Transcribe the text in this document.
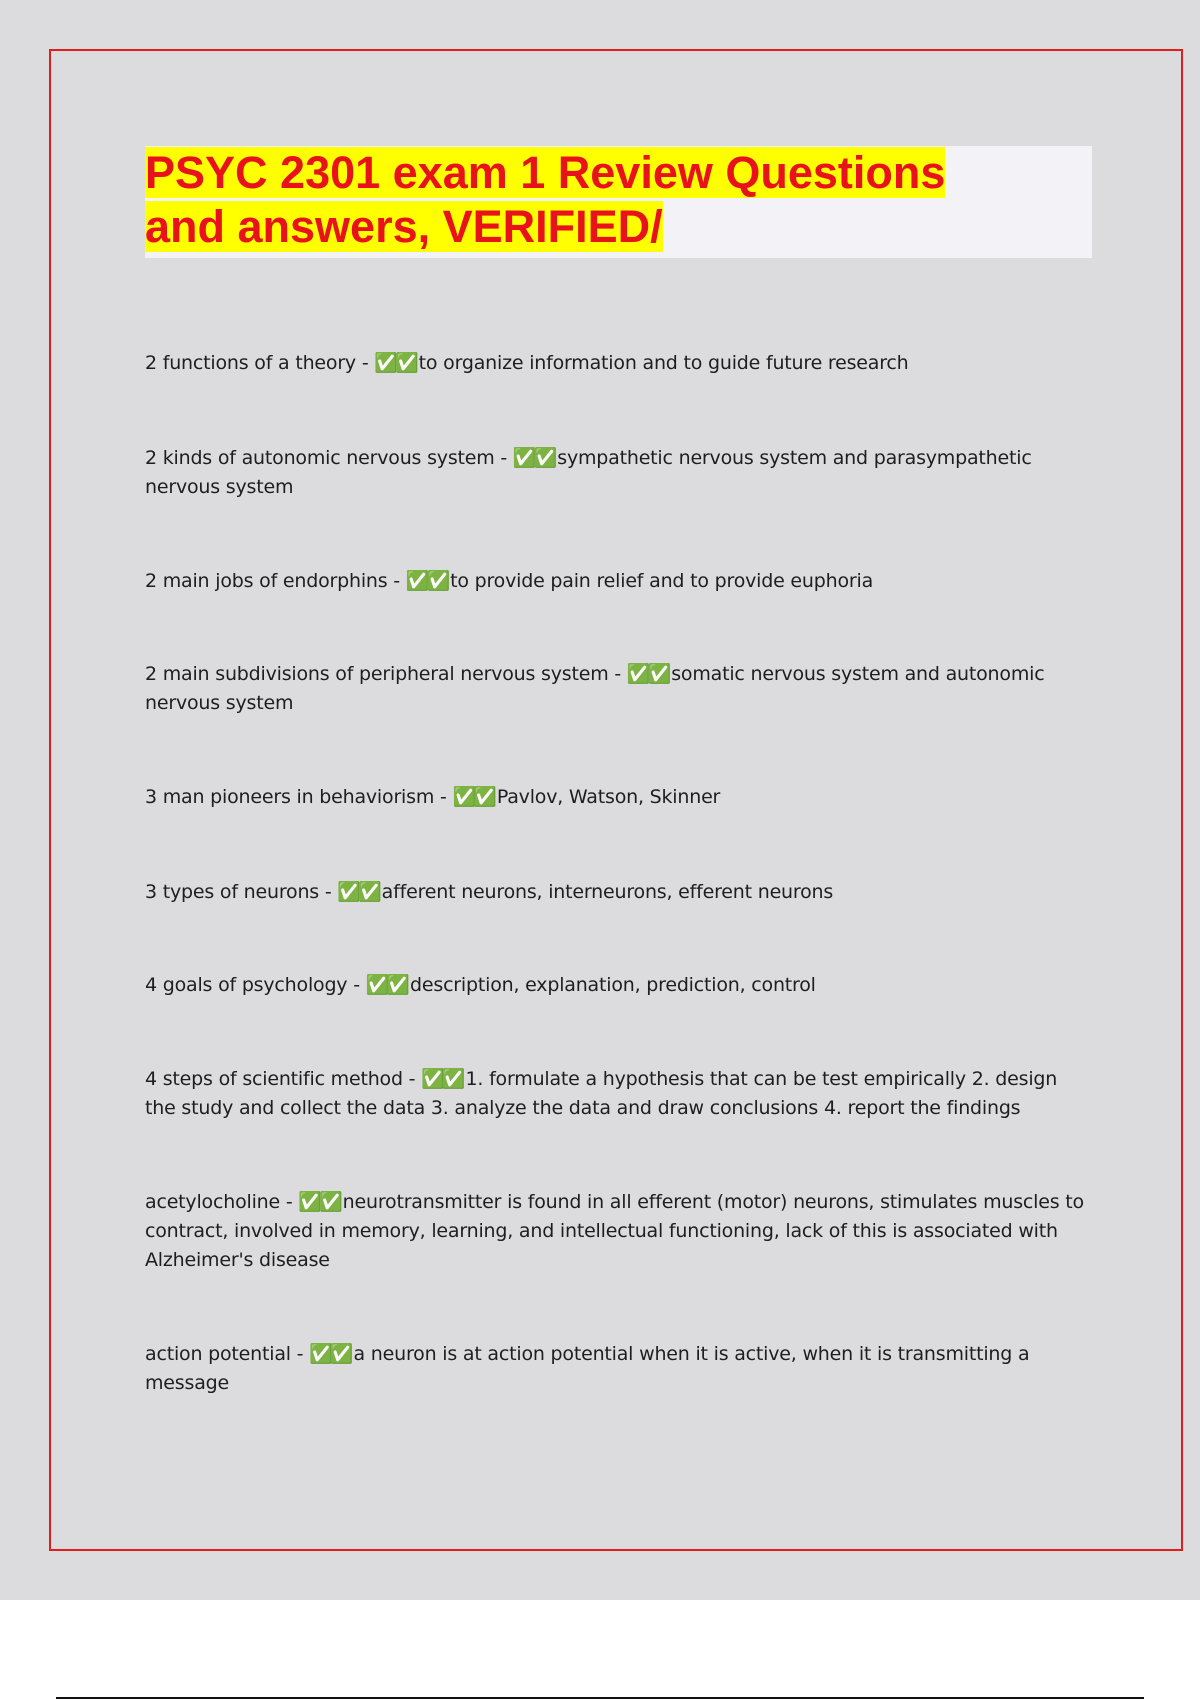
PSYC 2301 exam 1 Review Questions
and answers, VERIFIED/

2 functions of a theory - ✅✅ to organize information and to guide future research

2 kinds of autonomic nervous system - ✅✅ sympathetic nervous system and parasympathetic nervous system

2 main jobs of endorphins - ✅✅ to provide pain relief and to provide euphoria

2 main subdivisions of peripheral nervous system - ✅✅ somatic nervous system and autonomic nervous system

3 man pioneers in behaviorism - ✅✅ Pavlov, Watson, Skinner

3 types of neurons - ✅✅ afferent neurons, interneurons, efferent neurons

4 goals of psychology - ✅✅ description, explanation, prediction, control

4 steps of scientific method - ✅✅ 1. formulate a hypothesis that can be test empirically 2. design the study and collect the data 3. analyze the data and draw conclusions 4. report the findings

acetylocholine - ✅✅ neurotransmitter is found in all efferent (motor) neurons, stimulates muscles to contract, involved in memory, learning, and intellectual functioning, lack of this is associated with Alzheimer's disease

action potential - ✅✅ a neuron is at action potential when it is active, when it is transmitting a message
